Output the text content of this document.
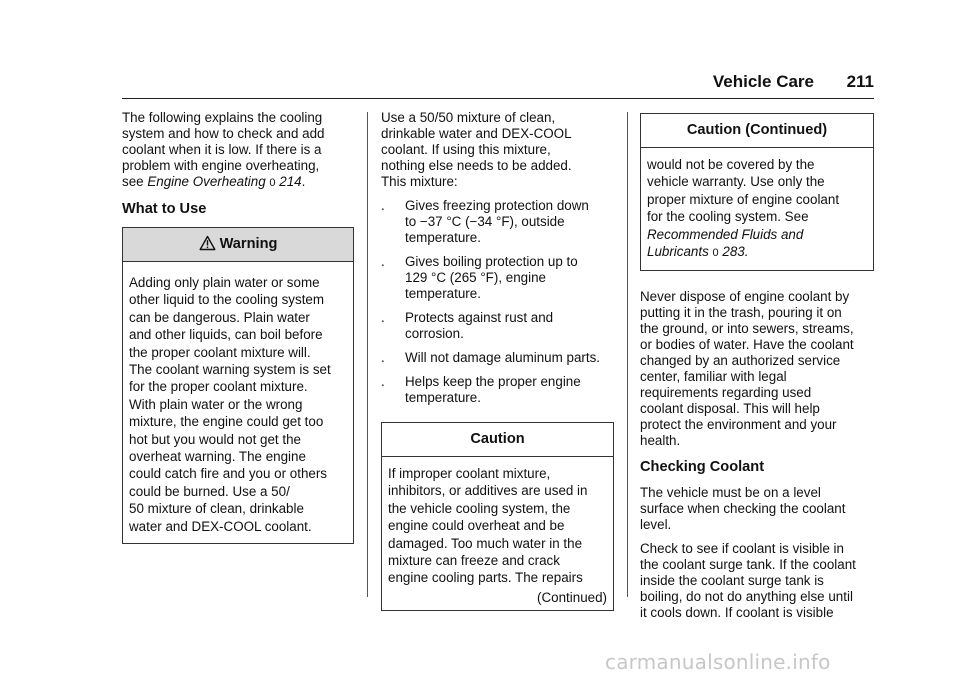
Vehicle Care 211

The following explains the cooling
system and how to check and add
coolant when it is low. If there is a
problem with engine overheating,
see Engine Overheating 0 214.

What to Use
Warning
Adding only plain water or some
other liquid to the cooling system
can be dangerous. Plain water
and other liquids, can boil before
the proper coolant mixture will.
The coolant warning system is set
for the proper coolant mixture.
With plain water or the wrong
mixture, the engine could get too
hot but you would not get the
overheat warning. The engine
could catch fire and you or others
could be burned. Use a 50/
50 mixture of clean, drinkable
water and DEX-COOL coolant.

Use a 50/50 mixture of clean,
drinkable water and DEX-COOL
coolant. If using this mixture,
nothing else needs to be added.
This mixture:

.	Gives freezing protection down
to −37 °C (−34 °F), outside
temperature.
.	Gives boiling protection up to
129 °C (265 °F), engine
temperature.
.	Protects against rust and
corrosion.
.	Will not damage aluminum parts.
.	Helps keep the proper engine
temperature.
Caution
If improper coolant mixture,
inhibitors, or additives are used in
the vehicle cooling system, the
engine could overheat and be
damaged. Too much water in the
mixture can freeze and crack
engine cooling parts. The repairs
(Continued)
Caution (Continued)
would not be covered by the
vehicle warranty. Use only the
proper mixture of engine coolant
for the cooling system. See
Recommended Fluids and
Lubricants 0 283.

Never dispose of engine coolant by
putting it in the trash, pouring it on
the ground, or into sewers, streams,
or bodies of water. Have the coolant
changed by an authorized service
center, familiar with legal
requirements regarding used
coolant disposal. This will help
protect the environment and your
health.

Checking Coolant

The vehicle must be on a level
surface when checking the coolant
level.

Check to see if coolant is visible in
the coolant surge tank. If the coolant
inside the coolant surge tank is
boiling, do not do anything else until
it cools down. If coolant is visible

carmanualsonline.info
